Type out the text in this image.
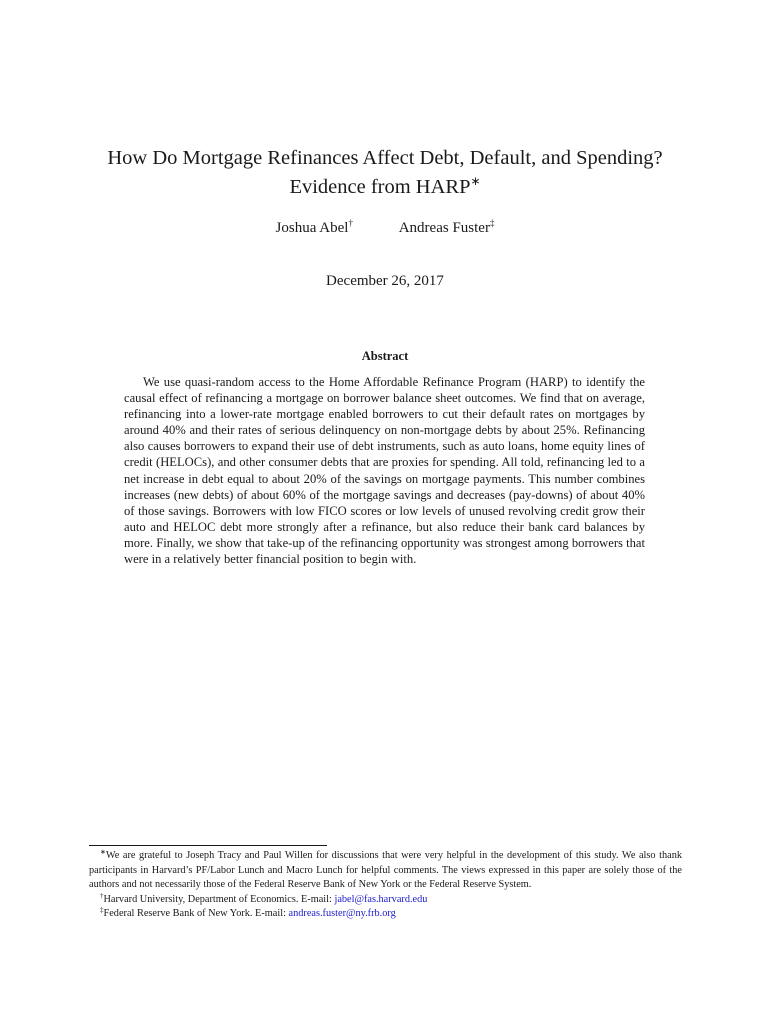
How Do Mortgage Refinances Affect Debt, Default, and Spending?
Evidence from HARP∗
Joshua Abel†	Andreas Fuster‡
December 26, 2017
Abstract
We use quasi-random access to the Home Affordable Refinance Program (HARP) to identify the causal effect of refinancing a mortgage on borrower balance sheet outcomes. We find that on average, refinancing into a lower-rate mortgage enabled borrowers to cut their default rates on mortgages by around 40% and their rates of serious delinquency on non-mortgage debts by about 25%. Refinancing also causes borrowers to expand their use of debt instruments, such as auto loans, home equity lines of credit (HELOCs), and other consumer debts that are proxies for spending. All told, refinancing led to a net increase in debt equal to about 20% of the savings on mortgage payments. This number combines increases (new debts) of about 60% of the mortgage savings and decreases (pay-downs) of about 40% of those savings. Borrowers with low FICO scores or low levels of unused revolving credit grow their auto and HELOC debt more strongly after a refinance, but also reduce their bank card balances by more. Finally, we show that take-up of the refinancing opportunity was strongest among borrowers that were in a relatively better financial position to begin with.

∗We are grateful to Joseph Tracy and Paul Willen for discussions that were very helpful in the development of this study. We also thank participants in Harvard’s PF/Labor Lunch and Macro Lunch for helpful comments. The views expressed in this paper are solely those of the authors and not necessarily those of the Federal Reserve Bank of New York or the Federal Reserve System.

†Harvard University, Department of Economics. E-mail: jabel@fas.harvard.edu

‡Federal Reserve Bank of New York. E-mail: andreas.fuster@ny.frb.org
